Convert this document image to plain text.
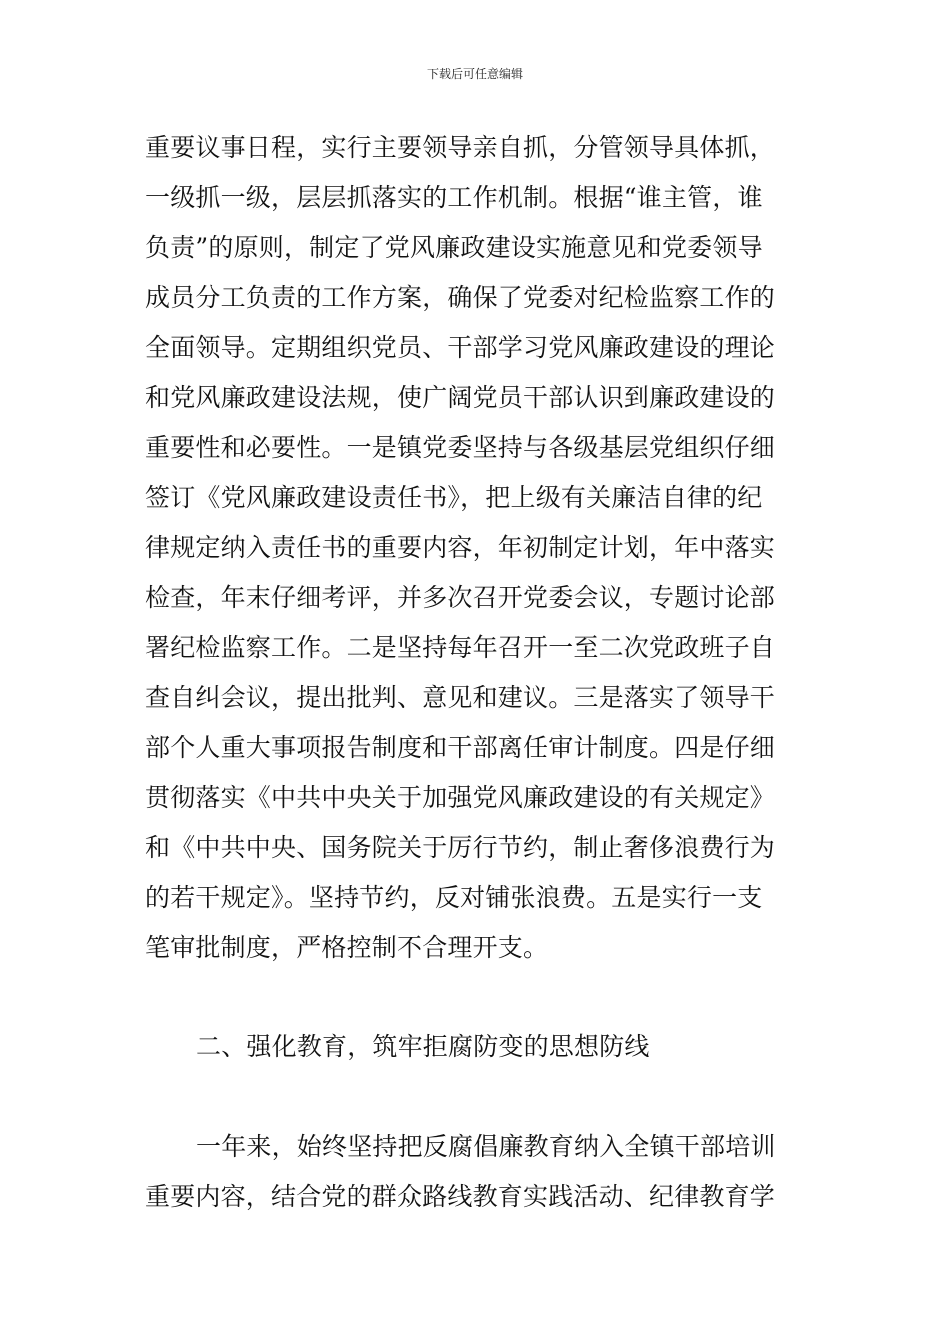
下载后可任意编辑
重要议事日程，实行主要领导亲自抓，分管领导具体抓，
一级抓一级，层层抓落实的工作机制。根据“谁主管，谁
负责”的原则，制定了党风廉政建设实施意见和党委领导
成员分工负责的工作方案，确保了党委对纪检监察工作的
全面领导。定期组织党员、干部学习党风廉政建设的理论
和党风廉政建设法规，使广阔党员干部认识到廉政建设的
重要性和必要性。一是镇党委坚持与各级基层党组织仔细
签订《党风廉政建设责任书》，把上级有关廉洁自律的纪
律规定纳入责任书的重要内容，年初制定计划，年中落实
检查，年末仔细考评，并多次召开党委会议，专题讨论部
署纪检监察工作。二是坚持每年召开一至二次党政班子自
查自纠会议，提出批判、意见和建议。三是落实了领导干
部个人重大事项报告制度和干部离任审计制度。四是仔细
贯彻落实《中共中央关于加强党风廉政建设的有关规定》
和《中共中央、国务院关于厉行节约，制止奢侈浪费行为
的若干规定》。坚持节约，反对铺张浪费。五是实行一支
笔审批制度，严格控制不合理开支。
二、强化教育，筑牢拒腐防变的思想防线
一年来，始终坚持把反腐倡廉教育纳入全镇干部培训
重要内容，结合党的群众路线教育实践活动、纪律教育学
